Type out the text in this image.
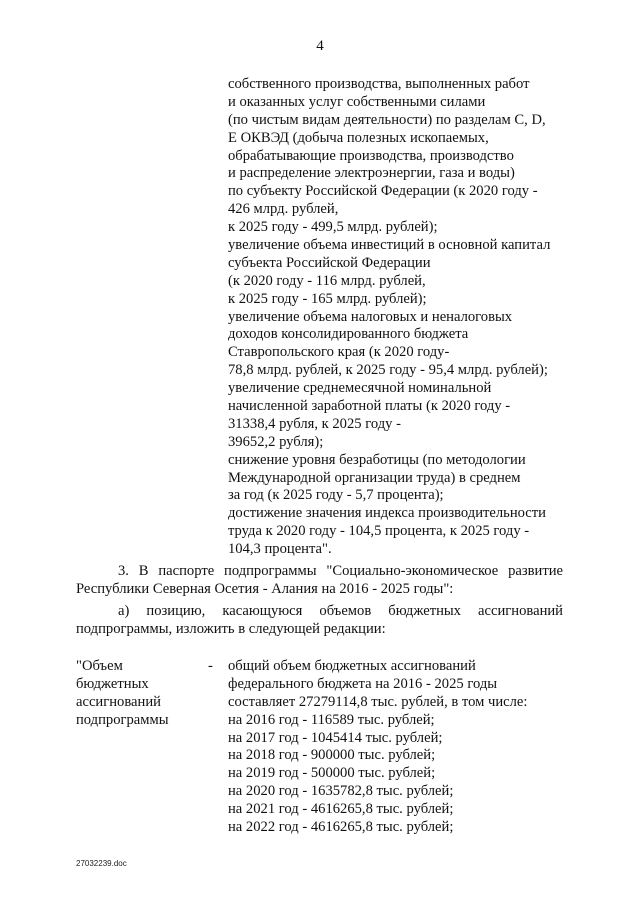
4
собственного производства, выполненных работ
и оказанных услуг собственными силами
(по чистым видам деятельности) по разделам C, D,
E ОКВЭД (добыча полезных ископаемых,
обрабатывающие производства, производство
и распределение электроэнергии, газа и воды)
по субъекту Российской Федерации (к 2020 году -
426 млрд. рублей,
к 2025 году - 499,5 млрд. рублей);
увеличение объема инвестиций в основной капитал
субъекта Российской Федерации
(к 2020 году - 116 млрд. рублей,
к 2025 году - 165 млрд. рублей);
увеличение объема налоговых и неналоговых
доходов консолидированного бюджета
Ставропольского края (к 2020 году-
78,8 млрд. рублей, к 2025 году - 95,4 млрд. рублей);
увеличение среднемесячной номинальной
начисленной заработной платы (к 2020 году -
31338,4 рубля, к 2025 году -
39652,2 рубля);
снижение уровня безработицы (по методологии
Международной организации труда) в среднем
за год (к 2025 году - 5,7 процента);
достижение значения индекса производительности
труда к 2020 году - 104,5 процента, к 2025 году -
104,3 процента".
3. В паспорте подпрограммы "Социально-экономическое развитие
Республики Северная Осетия - Алания на 2016 - 2025 годы":
а) позицию, касающуюся объемов бюджетных ассигнований
подпрограммы, изложить в следующей редакции:
"Объем
бюджетных
ассигнований
подпрограммы
- общий объем бюджетных ассигнований
федерального бюджета на 2016 - 2025 годы
составляет 27279114,8 тыс. рублей, в том числе:
на 2016 год - 116589 тыс. рублей;
на 2017 год - 1045414 тыс. рублей;
на 2018 год - 900000 тыс. рублей;
на 2019 год - 500000 тыс. рублей;
на 2020 год - 1635782,8 тыс. рублей;
на 2021 год - 4616265,8 тыс. рублей;
на 2022 год - 4616265,8 тыс. рублей;
27032239.doc
